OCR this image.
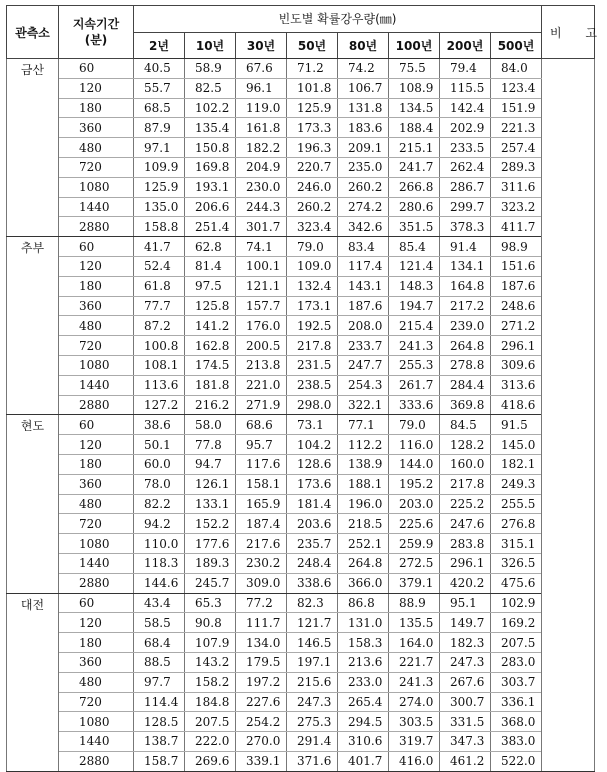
관측소	지속기간
(분)	빈도별 확률강우량(㎜)								비 고
		2년	10년	30년	50년	80년	100년	200년	500년	
금산	60	40.5	58.9	67.6	71.2	74.2	75.5	79.4	84.0	
	120	55.7	82.5	96.1	101.8	106.7	108.9	115.5	123.4	
	180	68.5	102.2	119.0	125.9	131.8	134.5	142.4	151.9	
	360	87.9	135.4	161.8	173.3	183.6	188.4	202.9	221.3	
	480	97.1	150.8	182.2	196.3	209.1	215.1	233.5	257.4	
	720	109.9	169.8	204.9	220.7	235.0	241.7	262.4	289.3	
	1080	125.9	193.1	230.0	246.0	260.2	266.8	286.7	311.6	
	1440	135.0	206.6	244.3	260.2	274.2	280.6	299.7	323.2	
	2880	158.8	251.4	301.7	323.4	342.6	351.5	378.3	411.7	
추부	60	41.7	62.8	74.1	79.0	83.4	85.4	91.4	98.9	
	120	52.4	81.4	100.1	109.0	117.4	121.4	134.1	151.6	
	180	61.8	97.5	121.1	132.4	143.1	148.3	164.8	187.6	
	360	77.7	125.8	157.7	173.1	187.6	194.7	217.2	248.6	
	480	87.2	141.2	176.0	192.5	208.0	215.4	239.0	271.2	
	720	100.8	162.8	200.5	217.8	233.7	241.3	264.8	296.1	
	1080	108.1	174.5	213.8	231.5	247.7	255.3	278.8	309.6	
	1440	113.6	181.8	221.0	238.5	254.3	261.7	284.4	313.6	
	2880	127.2	216.2	271.9	298.0	322.1	333.6	369.8	418.6	
현도	60	38.6	58.0	68.6	73.1	77.1	79.0	84.5	91.5	
	120	50.1	77.8	95.7	104.2	112.2	116.0	128.2	145.0	
	180	60.0	94.7	117.6	128.6	138.9	144.0	160.0	182.1	
	360	78.0	126.1	158.1	173.6	188.1	195.2	217.8	249.3	
	480	82.2	133.1	165.9	181.4	196.0	203.0	225.2	255.5	
	720	94.2	152.2	187.4	203.6	218.5	225.6	247.6	276.8	
	1080	110.0	177.6	217.6	235.7	252.1	259.9	283.8	315.1	
	1440	118.3	189.3	230.2	248.4	264.8	272.5	296.1	326.5	
	2880	144.6	245.7	309.0	338.6	366.0	379.1	420.2	475.6	
대전	60	43.4	65.3	77.2	82.3	86.8	88.9	95.1	102.9	
	120	58.5	90.8	111.7	121.7	131.0	135.5	149.7	169.2	
	180	68.4	107.9	134.0	146.5	158.3	164.0	182.3	207.5	
	360	88.5	143.2	179.5	197.1	213.6	221.7	247.3	283.0	
	480	97.7	158.2	197.2	215.6	233.0	241.3	267.6	303.7	
	720	114.4	184.8	227.6	247.3	265.4	274.0	300.7	336.1	
	1080	128.5	207.5	254.2	275.3	294.5	303.5	331.5	368.0	
	1440	138.7	222.0	270.0	291.4	310.6	319.7	347.3	383.0	
	2880	158.7	269.6	339.1	371.6	401.7	416.0	461.2	522.0	
